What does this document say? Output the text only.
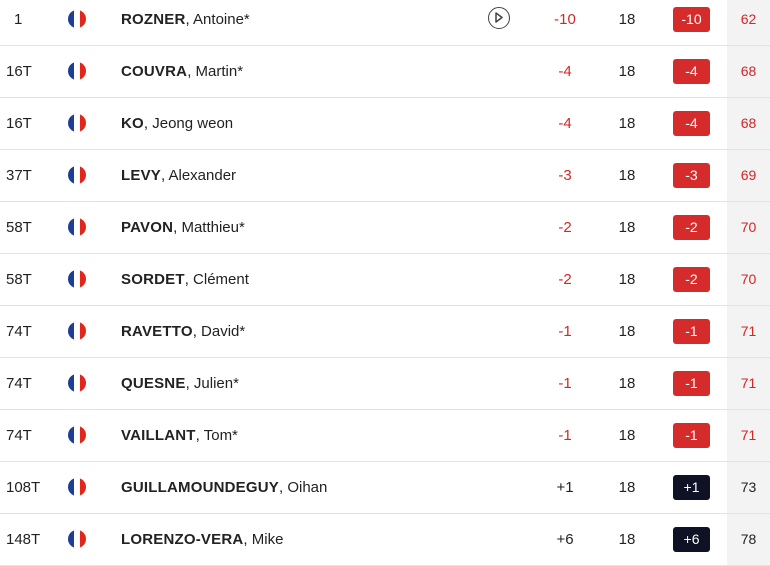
1	ROZNER, Antoine*	-10	18	-10	62
16T	COUVRA, Martin*	-4	18	-4	68
16T	KO, Jeong weon	-4	18	-4	68
37T	LEVY, Alexander	-3	18	-3	69
58T	PAVON, Matthieu*	-2	18	-2	70
58T	SORDET, Clément	-2	18	-2	70
74T	RAVETTO, David*	-1	18	-1	71
74T	QUESNE, Julien*	-1	18	-1	71
74T	VAILLANT, Tom*	-1	18	-1	71
108T	GUILLAMOUNDEGUY, Oihan	+1	18	+1	73
148T	LORENZO-VERA, Mike	+6	18	+6	78
